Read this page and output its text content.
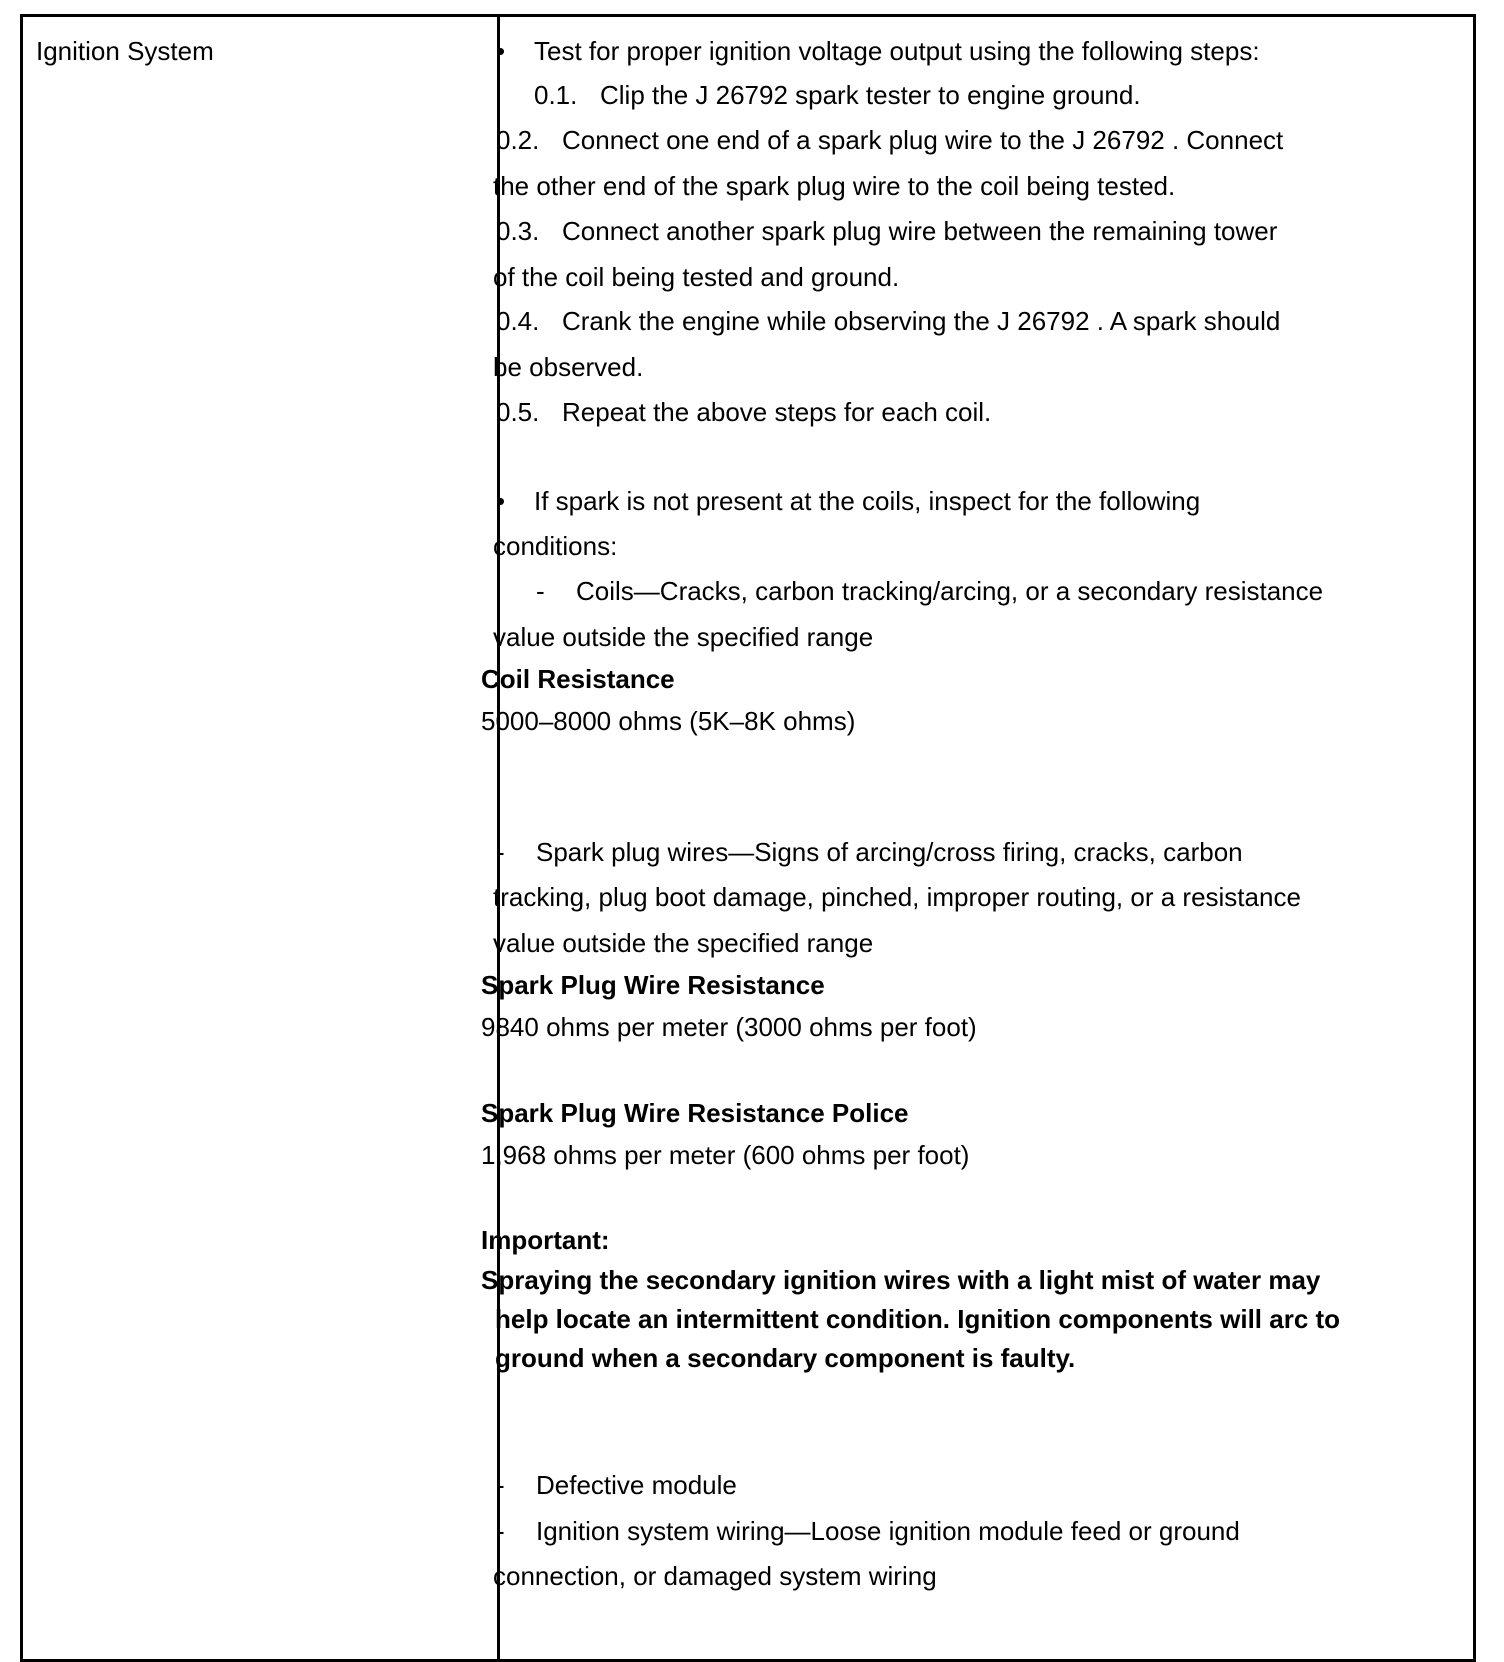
Ignition System	• Test for proper ignition voltage output using the following steps:
0.1. Clip the J 26792 spark tester to engine ground.
0.2. Connect one end of a spark plug wire to the J 26792 . Connect
the other end of the spark plug wire to the coil being tested.
0.3. Connect another spark plug wire between the remaining tower
of the coil being tested and ground.
0.4. Crank the engine while observing the J 26792 . A spark should
be observed.
0.5. Repeat the above steps for each coil.
• If spark is not present at the coils, inspect for the following
conditions:
- Coils—Cracks, carbon tracking/arcing, or a secondary resistance
value outside the specified range
Coil Resistance
5000–8000 ohms (5K–8K ohms)
- Spark plug wires—Signs of arcing/cross firing, cracks, carbon
tracking, plug boot damage, pinched, improper routing, or a resistance
value outside the specified range
Spark Plug Wire Resistance
9840 ohms per meter (3000 ohms per foot)
Spark Plug Wire Resistance Police
1,968 ohms per meter (600 ohms per foot)
Important:
Spraying the secondary ignition wires with a light mist of water may
help locate an intermittent condition. Ignition components will arc to
ground when a secondary component is faulty.
- Defective module
- Ignition system wiring—Loose ignition module feed or ground
connection, or damaged system wiring
